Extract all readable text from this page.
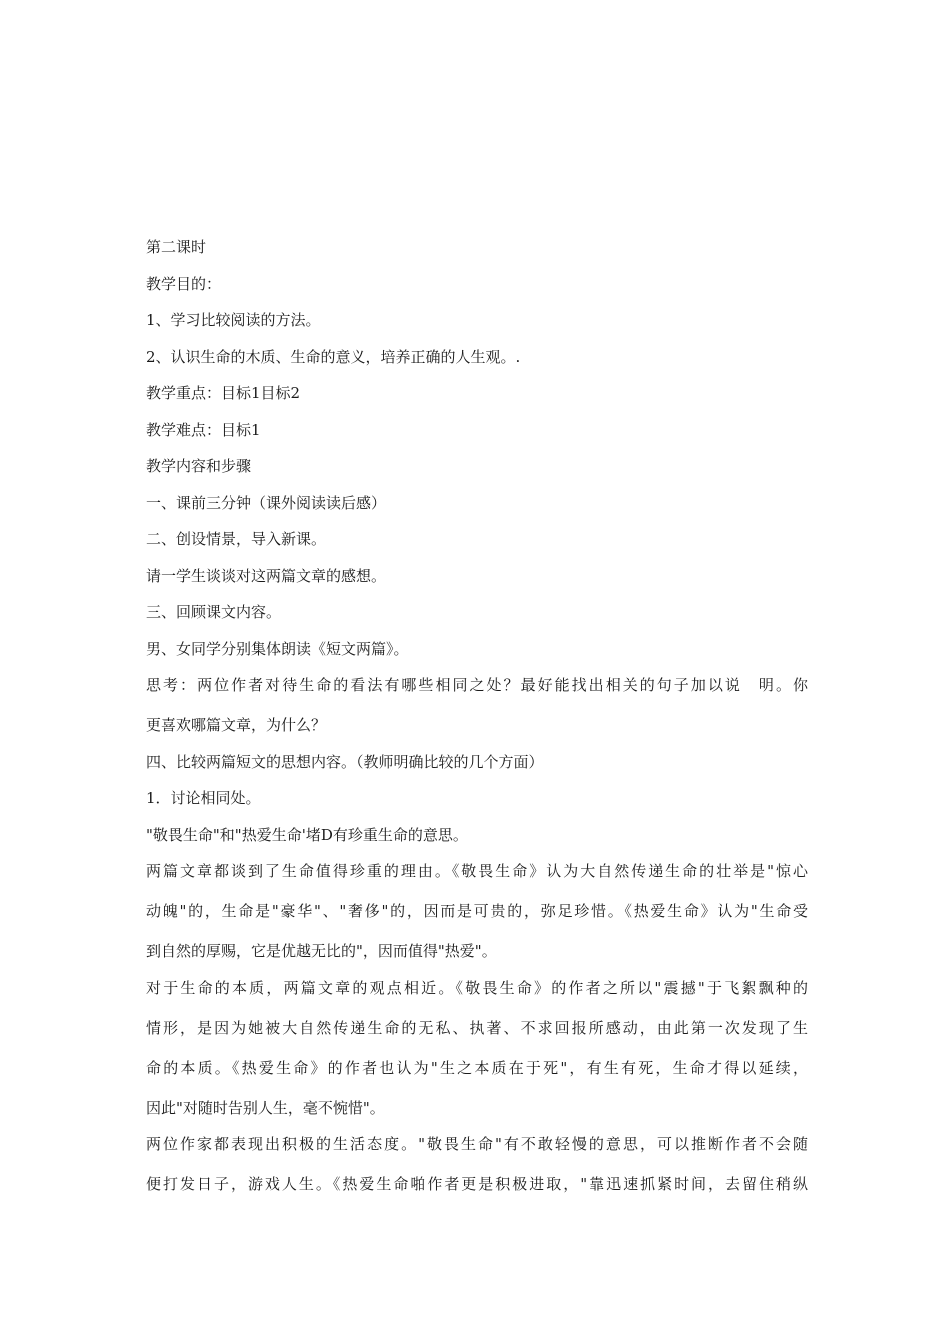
第二课时

教学目的：

1、学习比较阅读的方法。

2、认识生命的木质、生命的意义，培养正确的人生观。.

教学重点：目标1目标2

教学难点：目标1

教学内容和步骤

一、课前三分钟（课外阅读读后感）

二、创设情景，导入新课。

请一学生谈谈对这两篇文章的感想。

三、回顾课文内容。

男、女同学分别集体朗读《短文两篇》。

思考：两位作者对待生命的看法有哪些相同之处？最好能找出相关的句子加以说　明。你
更喜欢哪篇文章，为什么？

四、比较两篇短文的思想内容。（教师明确比较的几个方面）

1．讨论相同处。

"敬畏生命"和"热爱生命'堵D有珍重生命的意思。

两篇文章都谈到了生命值得珍重的理由。《敬畏生命》认为大自然传递生命的壮举是"惊心
动魄"的，生命是"豪华"、"奢侈"的，因而是可贵的，弥足珍惜。《热爱生命》认为"生命受
到自然的厚赐，它是优越无比的"，因而值得"热爱"。
对于生命的本质，两篇文章的观点相近。《敬畏生命》的作者之所以"震撼"于飞絮飘种的
情形，是因为她被大自然传递生命的无私、执著、不求回报所感动，由此第一次发现了生
命的本质。《热爱生命》的作者也认为"生之本质在于死"，有生有死，生命才得以延续，
因此"对随时告别人生，毫不惋惜"。
两位作家都表现出积极的生活态度。"敬畏生命"有不敢轻慢的意思，可以推断作者不会随
便打发日子，游戏人生。《热爱生命啪作者更是积极进取，"靠迅速抓紧时间，去留住稍纵
